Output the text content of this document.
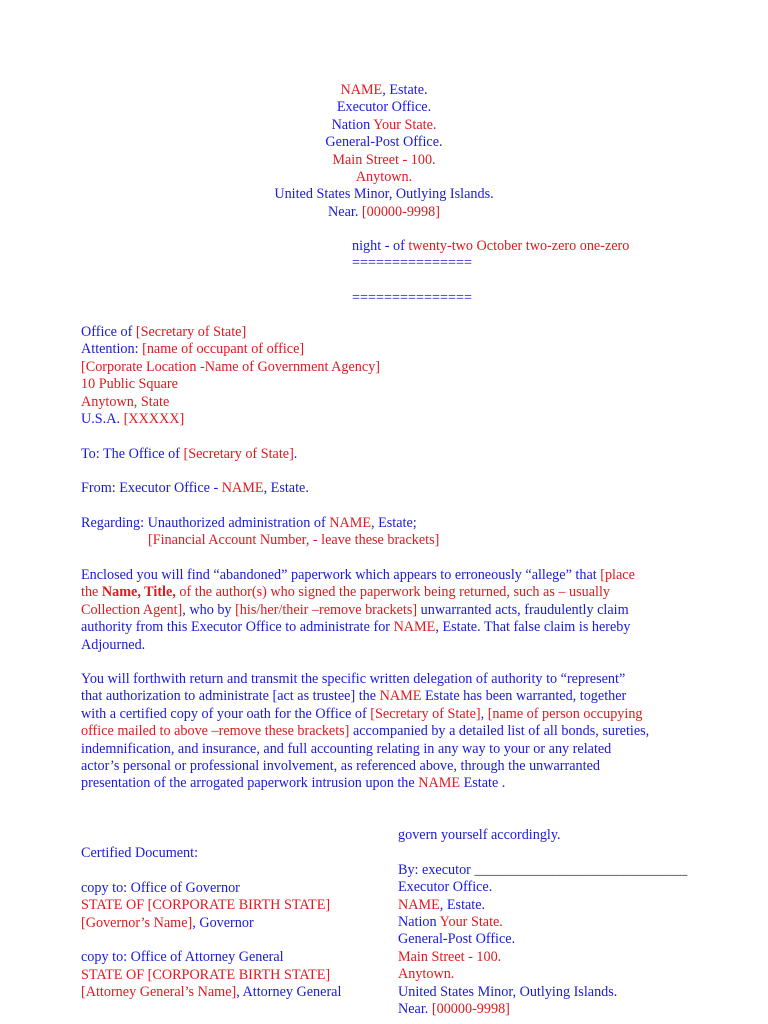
NAME, Estate.
Executor Office.
Nation Your State.
General-Post Office.
Main Street - 100.
Anytown.
United States Minor, Outlying Islands.
Near. [00000-9998]
night - of twenty-two October two-zero one-zero
===============
===============
Office of [Secretary of State]
Attention: [name of occupant of office]
[Corporate Location -Name of Government Agency]
10 Public Square
Anytown, State
U.S.A. [XXXXX]
To: The Office of [Secretary of State].
From: Executor Office - NAME, Estate.
Regarding: Unauthorized administration of NAME, Estate;
[Financial Account Number, - leave these brackets]
Enclosed you will find “abandoned” paperwork which appears to erroneously “allege” that [place
the Name, Title, of the author(s) who signed the paperwork being returned, such as – usually
Collection Agent], who by [his/her/their –remove brackets] unwarranted acts, fraudulently claim
authority from this Executor Office to administrate for NAME, Estate. That false claim is hereby
Adjourned.
You will forthwith return and transmit the specific written delegation of authority to “represent”
that authorization to administrate [act as trustee] the NAME Estate has been warranted, together
with a certified copy of your oath for the Office of [Secretary of State], [name of person occupying
office mailed to above –remove these brackets] accompanied by a detailed list of all bonds, sureties,
indemnification, and insurance, and full accounting relating in any way to your or any related
actor’s personal or professional involvement, as referenced above, through the unwarranted
presentation of the arrogated paperwork intrusion upon the NAME Estate .
Certified Document:
copy to: Office of Governor
STATE OF [CORPORATE BIRTH STATE]
[Governor’s Name], Governor
copy to: Office of Attorney General
STATE OF [CORPORATE BIRTH STATE]
[Attorney General’s Name], Attorney General
govern yourself accordingly.
By: executor ______________________________
Executor Office.
NAME, Estate.
Nation Your State.
General-Post Office.
Main Street - 100.
Anytown.
United States Minor, Outlying Islands.
Near. [00000-9998]
